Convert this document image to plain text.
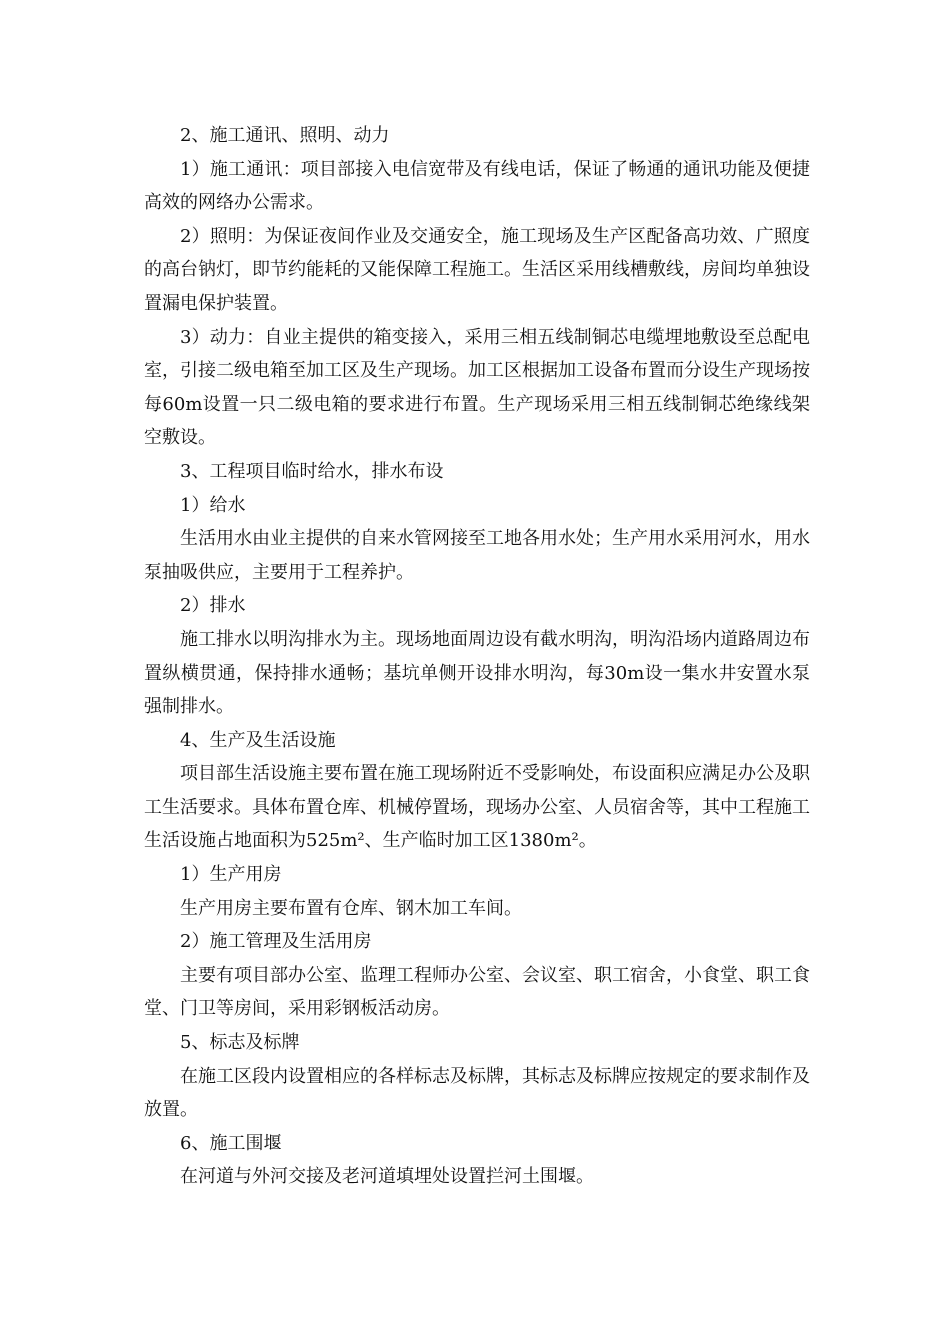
2、施工通讯、照明、动力

1）施工通讯：项目部接入电信宽带及有线电话，保证了畅通的通讯功能及便捷高效的网络办公需求。

2）照明：为保证夜间作业及交通安全，施工现场及生产区配备高功效、广照度的高台钠灯，即节约能耗的又能保障工程施工。生活区采用线槽敷线，房间均单独设置漏电保护装置。

3）动力：自业主提供的箱变接入，采用三相五线制铜芯电缆埋地敷设至总配电室，引接二级电箱至加工区及生产现场。加工区根据加工设备布置而分设生产现场按每60m设置一只二级电箱的要求进行布置。生产现场采用三相五线制铜芯绝缘线架空敷设。

3、工程项目临时给水，排水布设

1）给水

生活用水由业主提供的自来水管网接至工地各用水处；生产用水采用河水，用水泵抽吸供应，主要用于工程养护。

2）排水

施工排水以明沟排水为主。现场地面周边设有截水明沟，明沟沿场内道路周边布置纵横贯通，保持排水通畅；基坑单侧开设排水明沟，每30m设一集水井安置水泵强制排水。

4、生产及生活设施

项目部生活设施主要布置在施工现场附近不受影响处，布设面积应满足办公及职工生活要求。具体布置仓库、机械停置场，现场办公室、人员宿舍等，其中工程施工生活设施占地面积为525m²、生产临时加工区1380m²。

1）生产用房

生产用房主要布置有仓库、钢木加工车间。

2）施工管理及生活用房

主要有项目部办公室、监理工程师办公室、会议室、职工宿舍，小食堂、职工食堂、门卫等房间，采用彩钢板活动房。

5、标志及标牌

在施工区段内设置相应的各样标志及标牌，其标志及标牌应按规定的要求制作及放置。

6、施工围堰

在河道与外河交接及老河道填埋处设置拦河土围堰。
